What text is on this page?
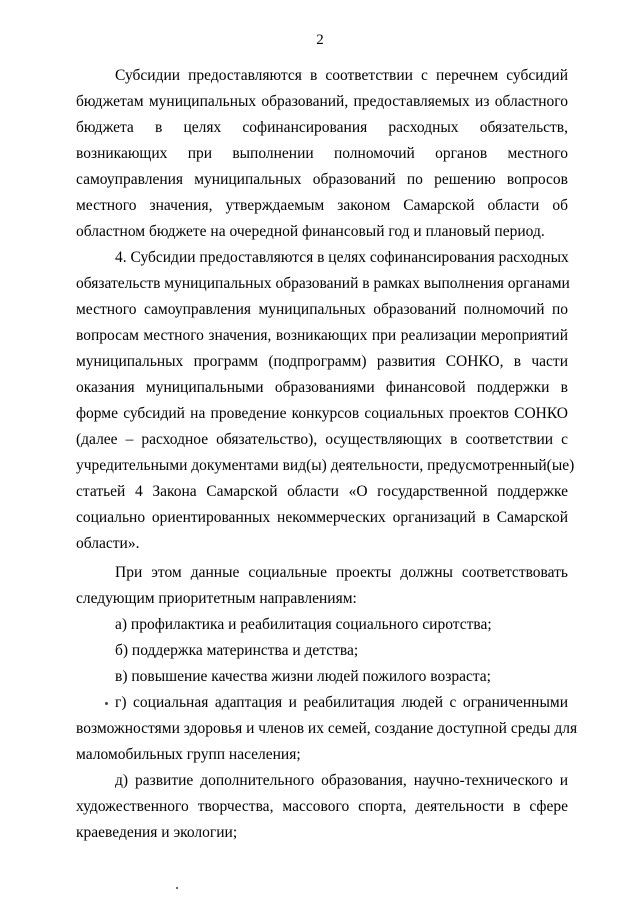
2
Субсидии предоставляются в соответствии с перечнем субсидий
бюджетам муниципальных образований, предоставляемых из областного
бюджета в целях софинансирования расходных обязательств,
возникающих при выполнении полномочий органов местного
самоуправления муниципальных образований по решению вопросов
местного значения, утверждаемым законом Самарской области об
областном бюджете на очередной финансовый год и плановый период.
4. Субсидии предоставляются в целях софинансирования расходных
обязательств муниципальных образований в рамках выполнения органами
местного самоуправления муниципальных образований полномочий по
вопросам местного значения, возникающих при реализации мероприятий
муниципальных программ (подпрограмм) развития СОНКО, в части
оказания муниципальными образованиями финансовой поддержки в
форме субсидий на проведение конкурсов социальных проектов СОНКО
(далее – расходное обязательство), осуществляющих в соответствии с
учредительными документами вид(ы) деятельности, предусмотренный(ые)
статьей 4 Закона Самарской области «О государственной поддержке
социально ориентированных некоммерческих организаций в Самарской
области».
При этом данные социальные проекты должны соответствовать
следующим приоритетным направлениям:
а) профилактика и реабилитация социального сиротства;
б) поддержка материнства и детства;
в) повышение качества жизни людей пожилого возраста;
г) социальная адаптация и реабилитация людей с ограниченными
возможностями здоровья и членов их семей, создание доступной среды для
маломобильных групп населения;
д) развитие дополнительного образования, научно-технического и
художественного творчества, массового спорта, деятельности в сфере
краеведения и экологии;
